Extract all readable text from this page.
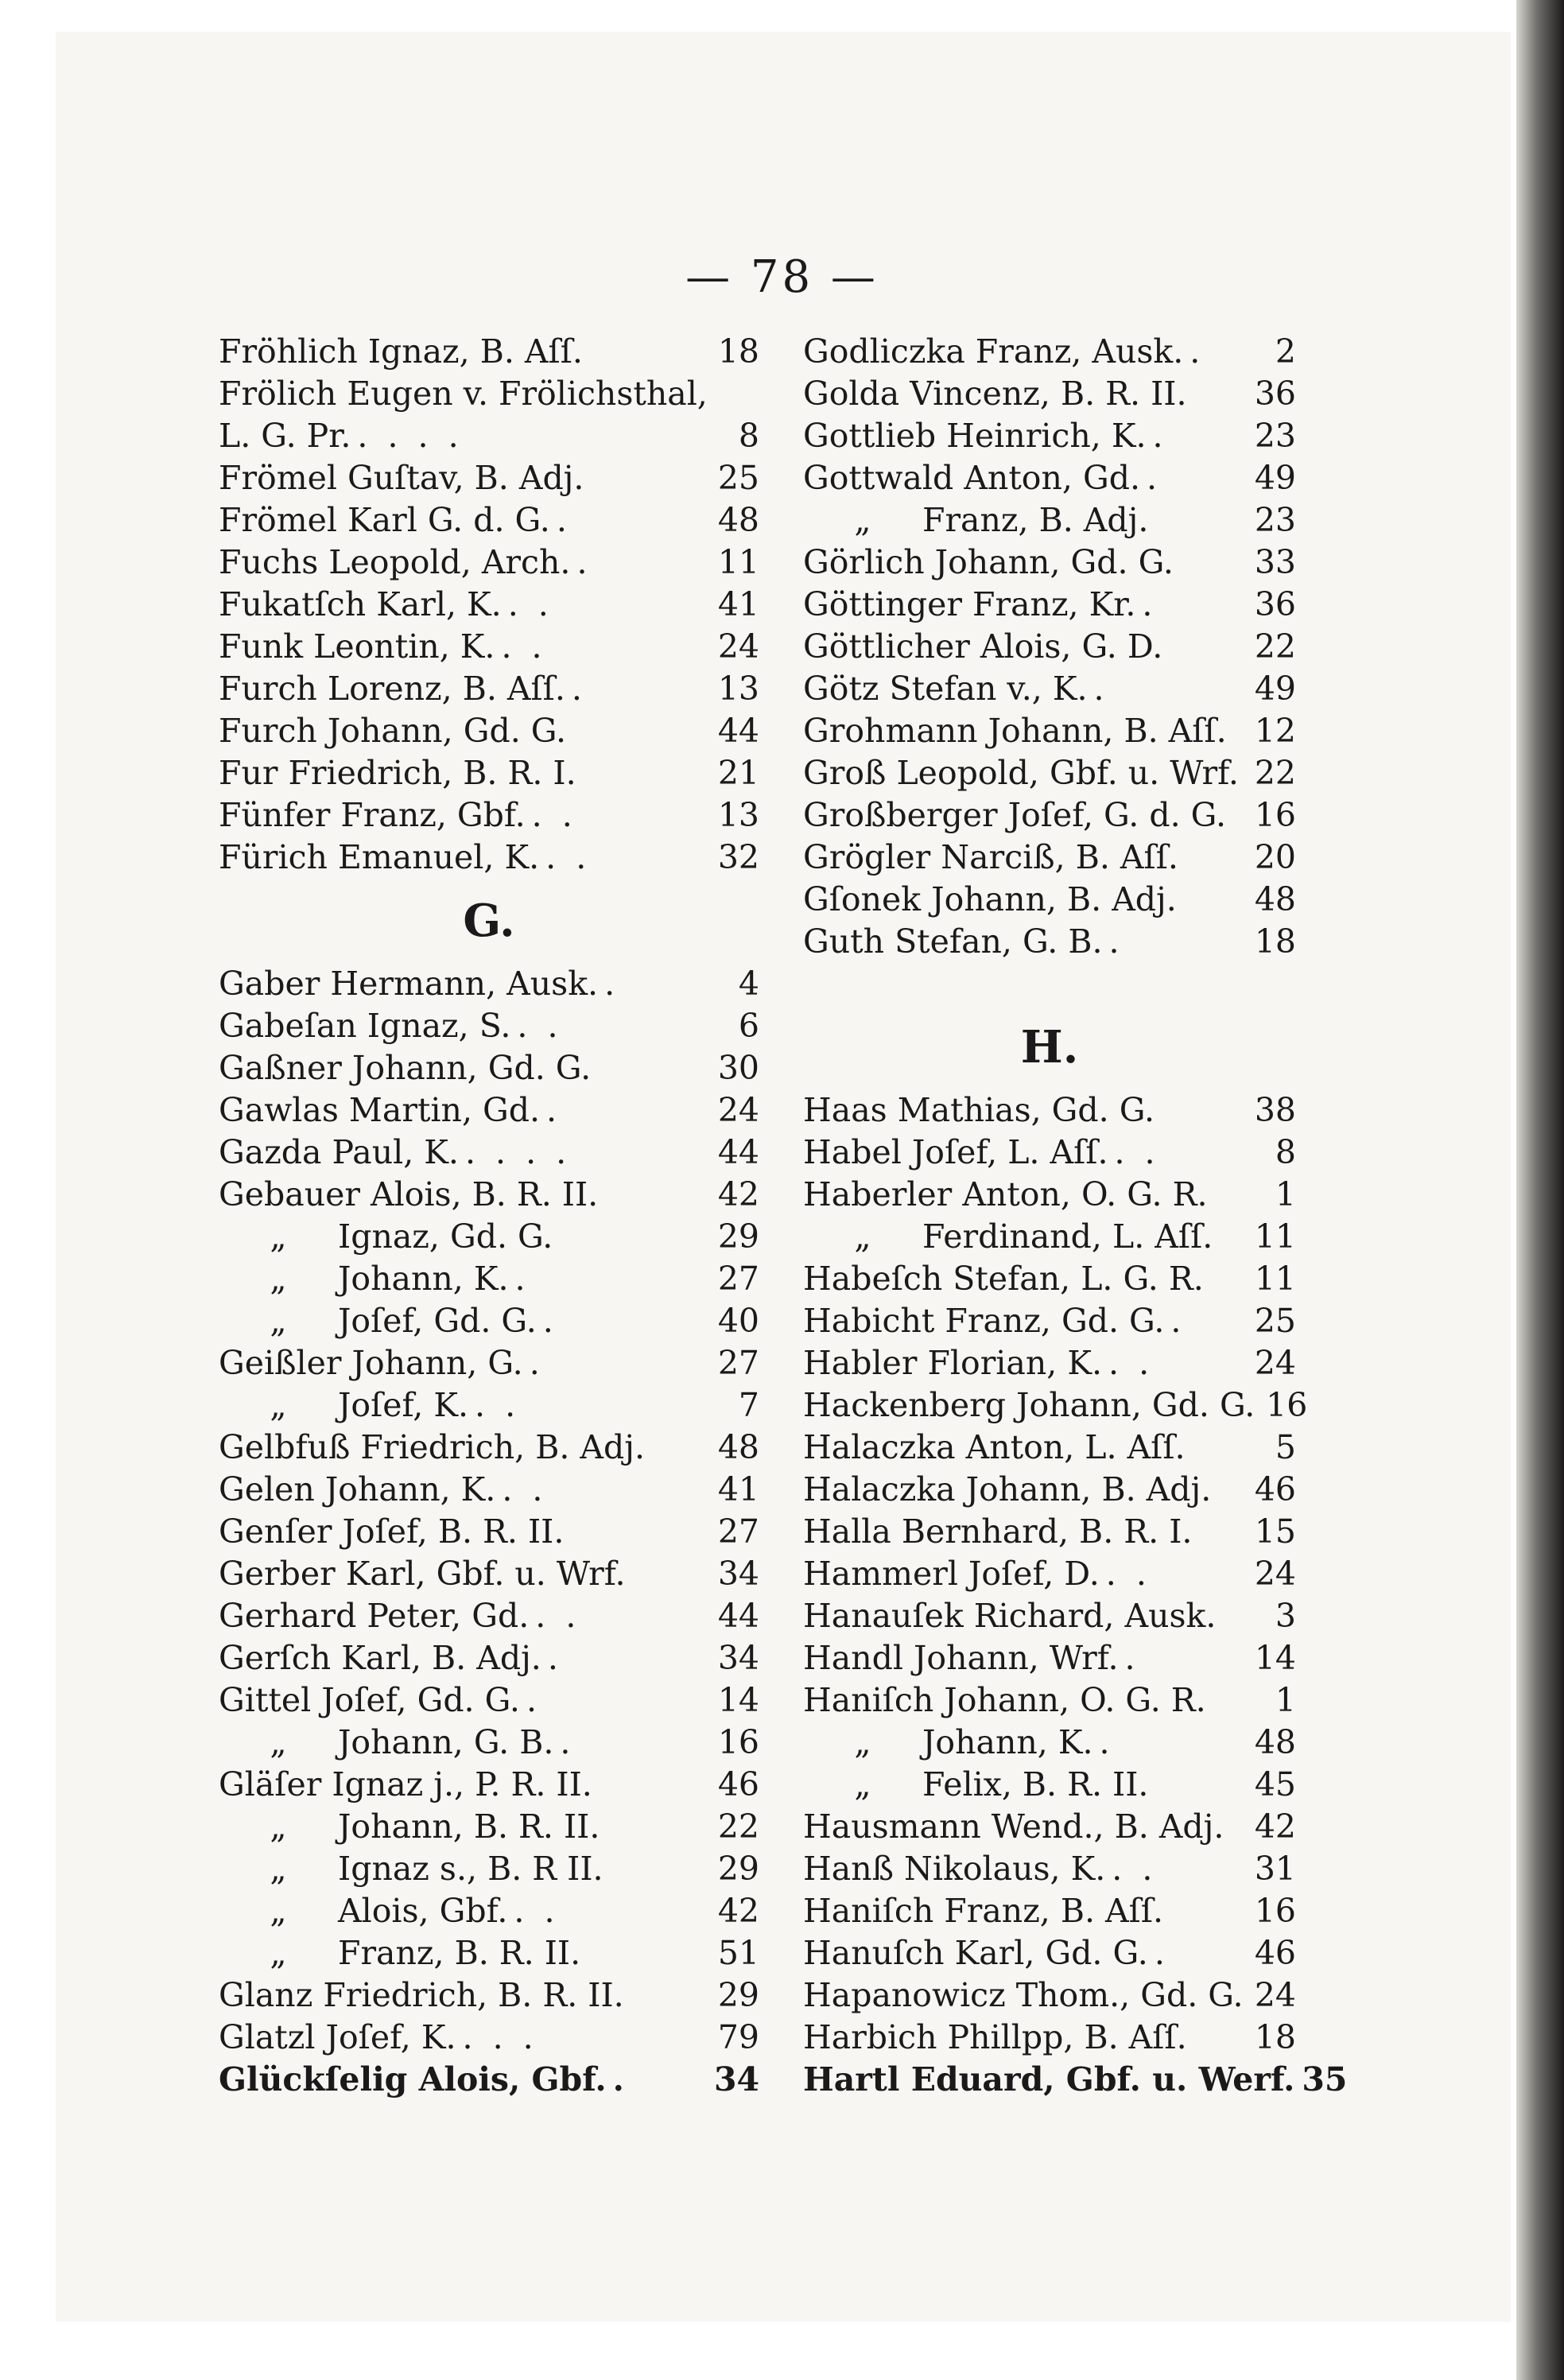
— 78 —
Fröhlich Ignaz, B. Aſſ.	18
Frölich Eugen v. Frölichsthal,
L. G. Pr. . . . .	8
Frömel Guſtav, B. Adj.	25
Frömel Karl G. d. G. .	48
Fuchs Leopold, Arch. .	11
Fukatſch Karl, K. . .	41
Funk Leontin, K. . .	24
Furch Lorenz, B. Aſſ. .	13
Furch Johann, Gd. G.	44
Fur Friedrich, B. R. I.	21
Fünfer Franz, Gbf. . .	13
Fürich Emanuel, K. . .	32
G.
Gaber Hermann, Ausk. .	4
Gabeſan Ignaz, S. . .	6
Gaßner Johann, Gd. G.	30
Gawlas Martin, Gd. .	24
Gazda Paul, K. . . . .	44
Gebauer Alois, B. R. II.	42
„ Ignaz, Gd. G.	29
„ Johann, K. .	27
„ Joſef, Gd. G. .	40
Geißler Johann, G. .	27
„ Joſef, K. . .	7
Gelbfuß Friedrich, B. Adj. 48
Gelen Johann, K. . .	41
Genſer Joſef, B. R. II.	27
Gerber Karl, Gbf. u. Wrf.	34
Gerhard Peter, Gd. . .	44
Gerſch Karl, B. Adj. .	34
Gittel Joſef, Gd. G. .	14
„ Johann, G. B. .	16
Gläſer Ignaz j., P. R. II.	46
„ Johann, B. R. II.	22
„ Ignaz s., B. R II.	29
„ Alois, Gbf. . .	42
„ Franz, B. R. II.	51
Glanz Friedrich, B. R. II.	29
Glatzl Joſef, K. . . .	79
Glückſelig Alois, Gbf. .	34
Godliczka Franz, Ausk. .	2
Golda Vincenz, B. R. II. 36
Gottlieb Heinrich, K. .	23
Gottwald Anton, Gd. .	49
„ Franz, B. Adj.	23
Görlich Johann, Gd. G. 33
Göttinger Franz, Kr. .	36
Göttlicher Alois, G. D.	22
Götz Stefan v., K. .	49
Grohmann Johann, B. Aſſ. 12
Groß Leopold, Gbf. u. Wrf. 22
Großberger Joſef, G. d. G. 16
Grögler Narciß, B. Aſſ. 20
Gſonek Johann, B. Adj. 48
Guth Stefan, G. B. .	18
H.
Haas Mathias, Gd. G.	38
Habel Joſef, L. Aſſ. . .	8
Haberler Anton, O. G. R.	1
„ Ferdinand, L. Aſſ. 11
Habeſch Stefan, L. G. R. 11
Habicht Franz, Gd. G. .	25
Habler Florian, K. . .	24
Hackenberg Johann, Gd. G. 16
Halaczka Anton, L. Aſſ.	5
Halaczka Johann, B. Adj. 46
Halla Bernhard, B. R. I. 15
Hammerl Joſef, D. . .	24
Hanauſek Richard, Ausk.	3
Handl Johann, Wrf. .	14
Haniſch Johann, O. G. R.	1
„ Johann, K. .	48
„ Felix, B. R. II.	45
Hausmann Wend., B. Adj. 42
Hanß Nikolaus, K. . .	31
Haniſch Franz, B. Aſſ.	16
Hanuſch Karl, Gd. G. .	46
Hapanowicz Thom., Gd. G. 24
Harbich Phillpp, B. Aſſ. 18
Hartl Eduard, Gbf. u. Werf. 35
